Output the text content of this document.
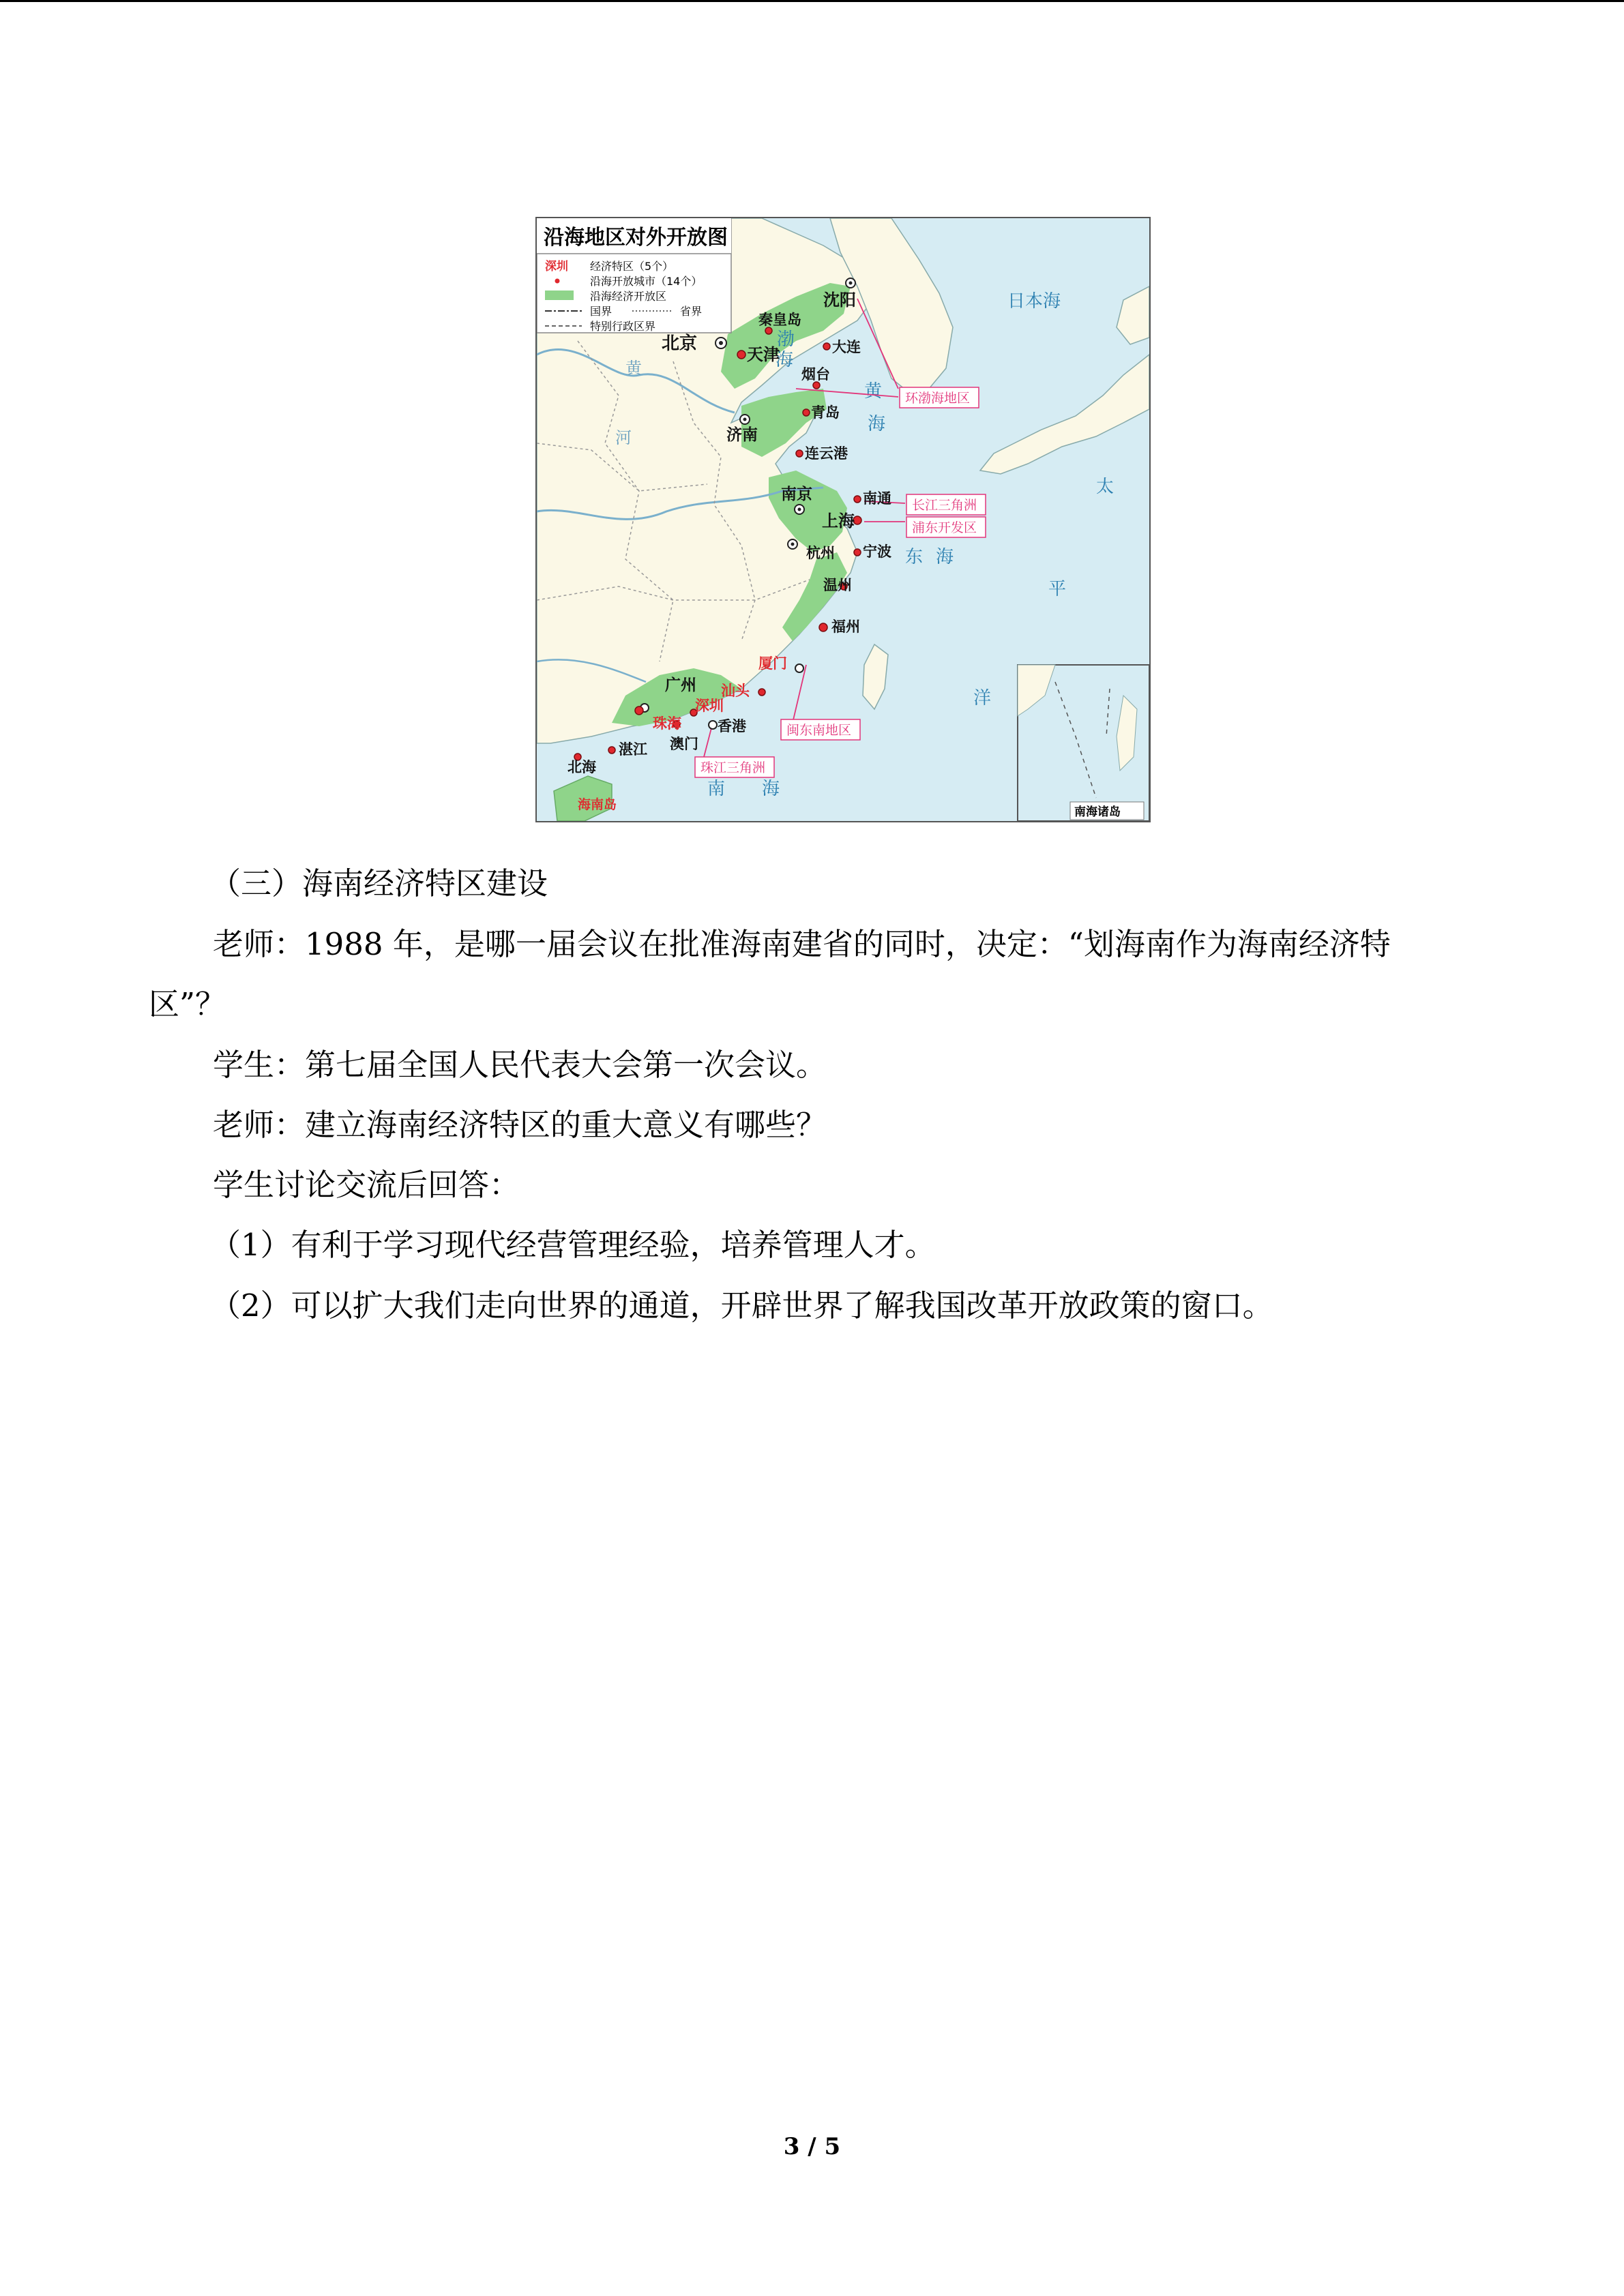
日本海
渤
海
黄
海
东 海
太
平
洋
南 海
黄
河
沿海地区对外开放图
深圳 经济特区（5个）
沿海开放城市（14个）
沿海经济开放区
国界	省界
特别行政区界
环渤海地区
长江三角洲
浦东开发区
闽东南地区
珠江三角洲
沈阳
秦皇岛
大连
北京
天津
烟台
青岛
济南
连云港
南京	南通
上海
杭州 宁波
温州
福州
厦门
汕头
广州
深圳
珠海	香港
澳门
湛江
北海
海南岛	南海诸岛
（三）海南经济特区建设
老师：1988 年，是哪一届会议在批准海南建省的同时，决定：“划海南作为海南经济特
区”？
学生：第七届全国人民代表大会第一次会议。
老师：建立海南经济特区的重大意义有哪些？
学生讨论交流后回答：
（1）有利于学习现代经营管理经验，培养管理人才。
（2）可以扩大我们走向世界的通道，开辟世界了解我国改革开放政策的窗口。
3 / 5
